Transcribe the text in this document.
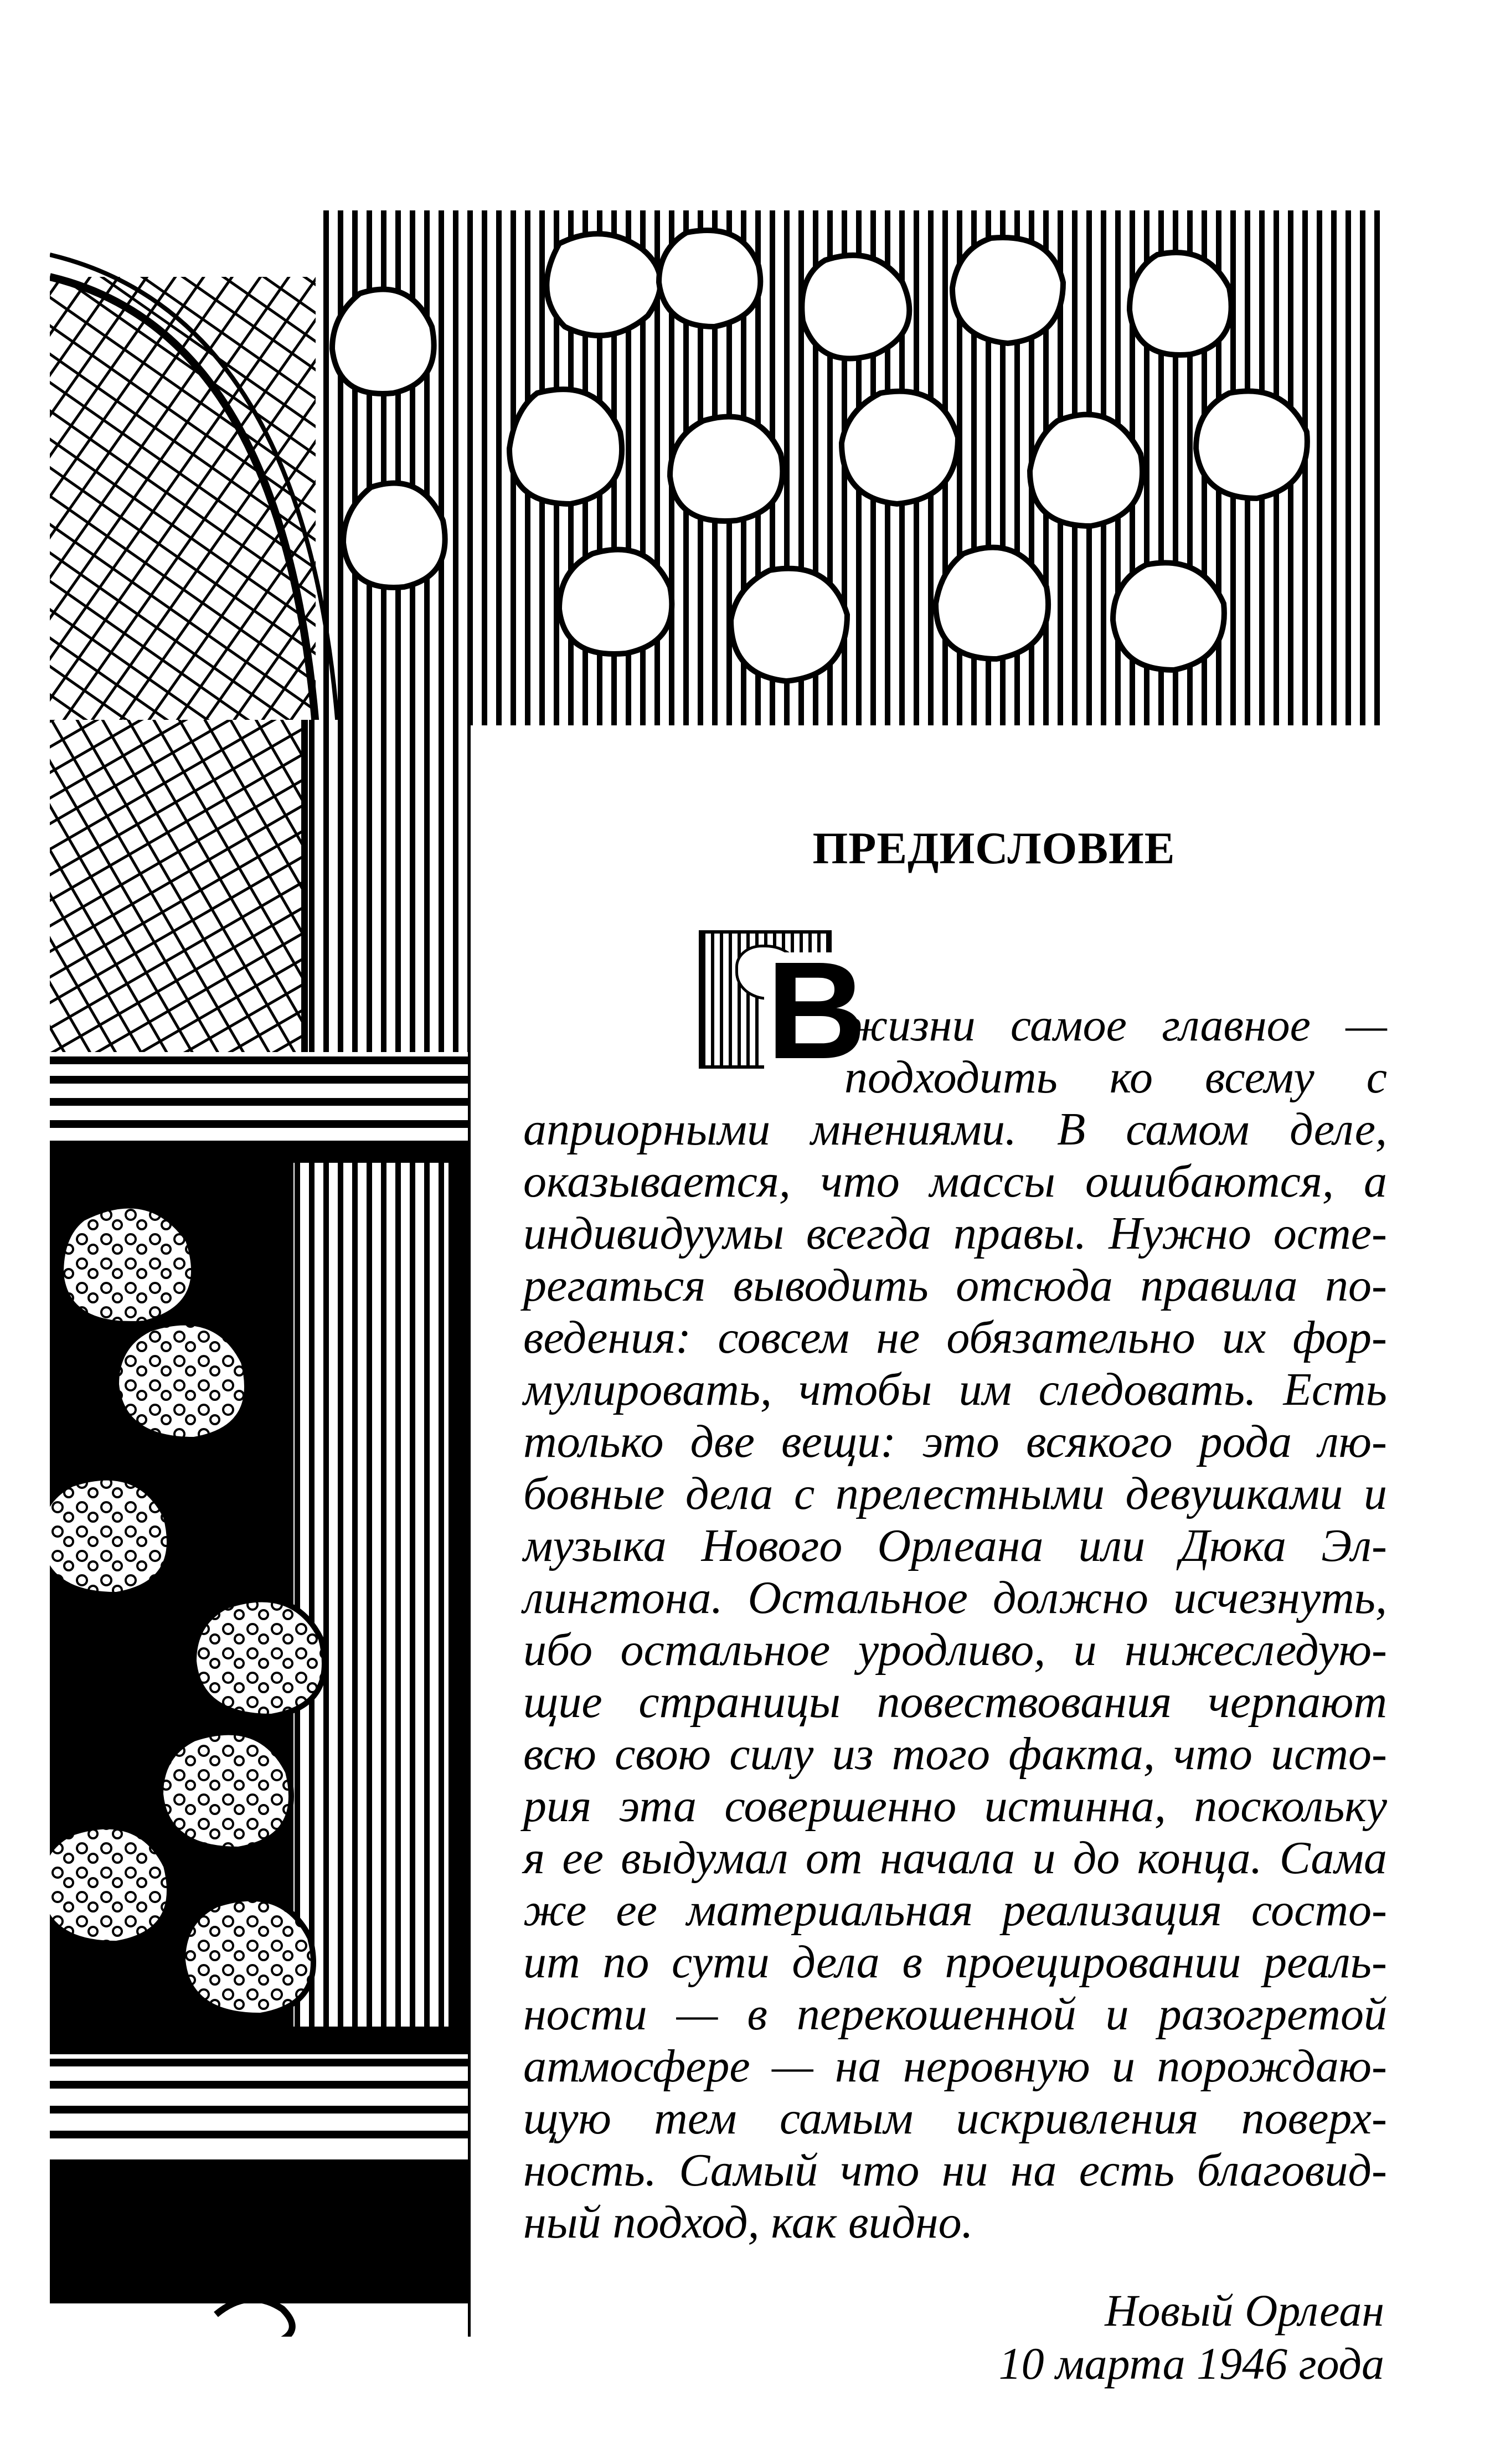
ПРЕДИСЛОВИЕ
В

жизни самое главное —
подходить ко всему с
априорными мнениями. В самом деле,
оказывается, что массы ошибаются, а
индивидуумы всегда правы. Нужно осте-
регаться выводить отсюда правила по-
ведения: совсем не обязательно их фор-
мулировать, чтобы им следовать. Есть
только две вещи: это всякого рода лю-
бовные дела с прелестными девушками и
музыка Нового Орлеана или Дюка Эл-
лингтона. Остальное должно исчезнуть,
ибо остальное уродливо, и нижеследую-
щие страницы повествования черпают
всю свою силу из того факта, что исто-
рия эта совершенно истинна, поскольку
я ее выдумал от начала и до конца. Сама
же ее материальная реализация состо-
ит по сути дела в проецировании реаль-
ности — в перекошенной и разогретой
атмосфере — на неровную и порождаю-
щую тем самым искривления поверх-
ность. Самый что ни на есть благовид-
ный подход, как видно.

Новый Орлеан
10 марта 1946 года
